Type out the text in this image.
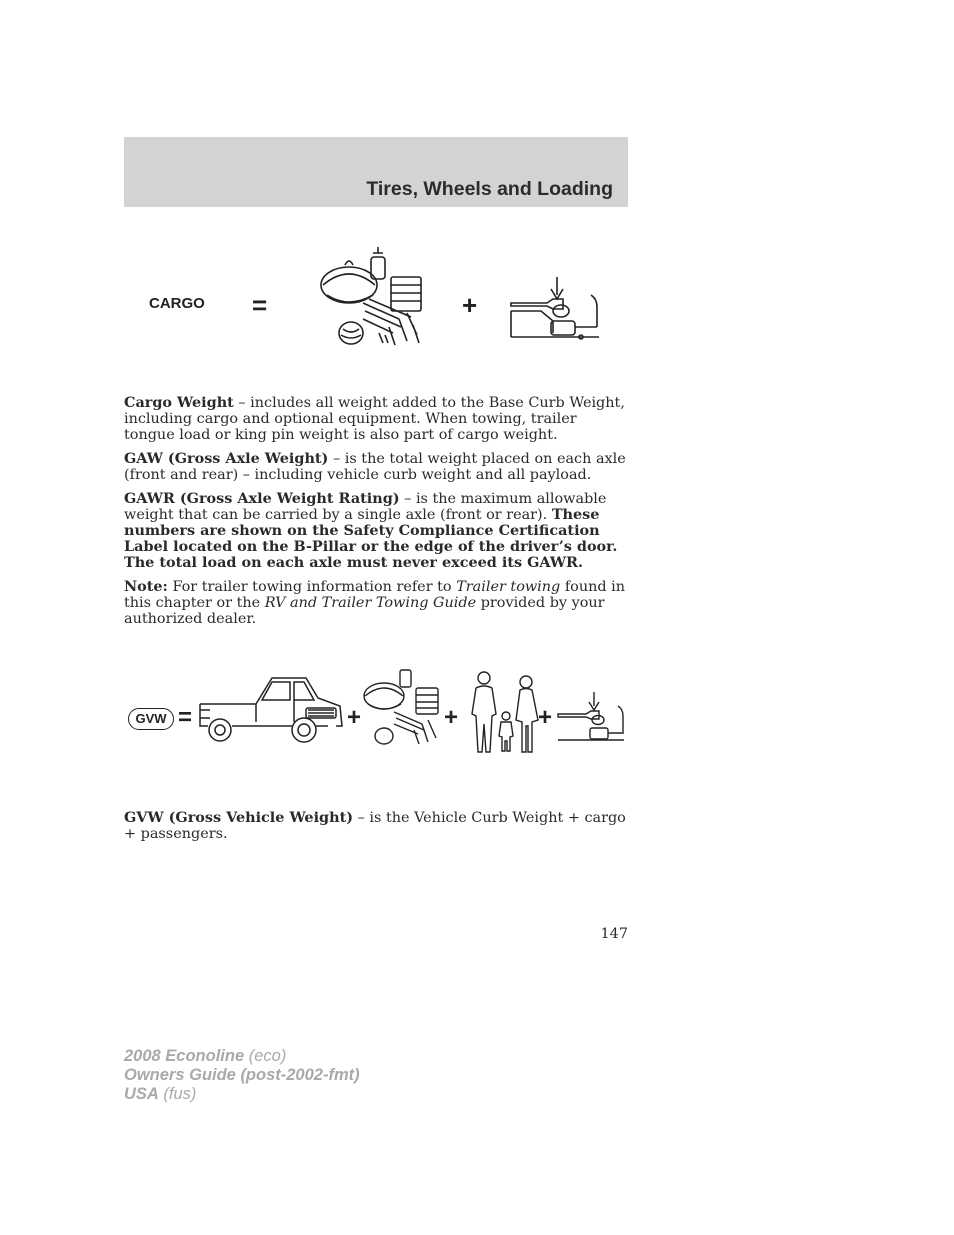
Tires, Wheels and Loading
CARGO =	+

Cargo Weight – includes all weight added to the Base Curb Weight, including cargo and optional equipment. When towing, trailer tongue load or king pin weight is also part of cargo weight.

GAW (Gross Axle Weight) – is the total weight placed on each axle (front and rear) – including vehicle curb weight and all payload.

GAWR (Gross Axle Weight Rating) – is the maximum allowable weight that can be carried by a single axle (front or rear). These numbers are shown on the Safety Compliance Certification Label located on the B-Pillar or the edge of the driver’s door. The total load on each axle must never exceed its GAWR.

Note: For trailer towing information refer to Trailer towing found in this chapter or the RV and Trailer Towing Guide provided by your authorized dealer.

GVW =	+	+	+

GVW (Gross Vehicle Weight) – is the Vehicle Curb Weight + cargo + passengers.

147
2008 Econoline (eco)
Owners Guide (post-2002-fmt)
USA (fus)
